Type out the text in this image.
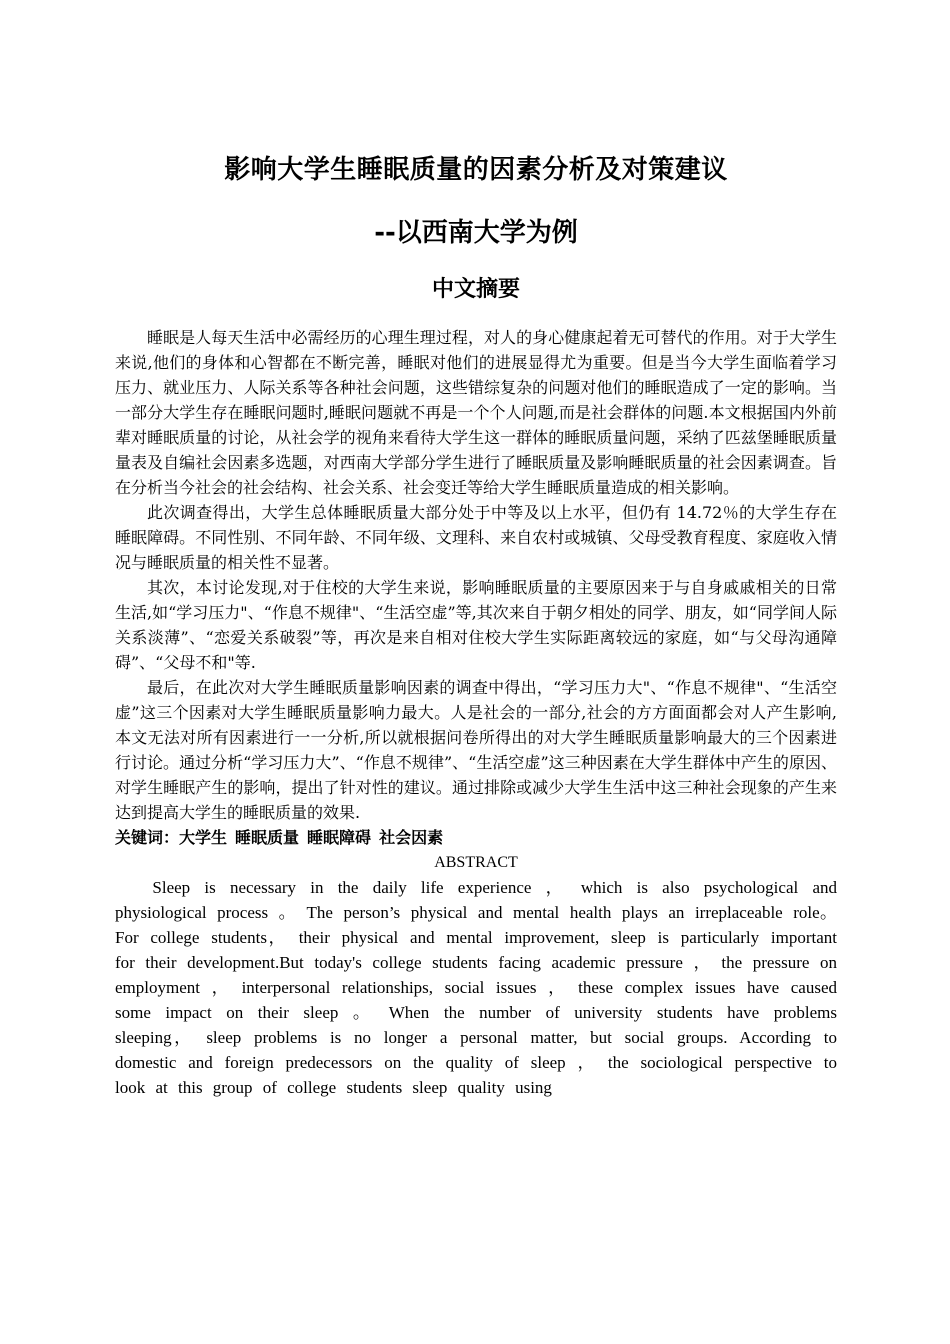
影响大学生睡眠质量的因素分析及对策建议
--以西南大学为例
中文摘要

睡眠是人每天生活中必需经历的心理生理过程，对人的身心健康起着无可替代的作用。对于大学生来说,他们的身体和心智都在不断完善，睡眠对他们的进展显得尤为重要。但是当今大学生面临着学习压力、就业压力、人际关系等各种社会问题，这些错综复杂的问题对他们的睡眠造成了一定的影响。当一部分大学生存在睡眠问题时,睡眠问题就不再是一个个人问题,而是社会群体的问题.本文根据国内外前辈对睡眠质量的讨论，从社会学的视角来看待大学生这一群体的睡眠质量问题，采纳了匹兹堡睡眠质量量表及自编社会因素多选题，对西南大学部分学生进行了睡眠质量及影响睡眠质量的社会因素调查。旨在分析当今社会的社会结构、社会关系、社会变迁等给大学生睡眠质量造成的相关影响。

此次调查得出，大学生总体睡眠质量大部分处于中等及以上水平，但仍有 14.72％的大学生存在睡眠障碍。不同性别、不同年龄、不同年级、文理科、来自农村或城镇、父母受教育程度、家庭收入情况与睡眠质量的相关性不显著。

其次，本讨论发现,对于住校的大学生来说，影响睡眠质量的主要原因来于与自身戚戚相关的日常生活,如“学习压力"、“作息不规律"、“生活空虚”等,其次来自于朝夕相处的同学、朋友，如“同学间人际关系淡薄”、“恋爱关系破裂”等，再次是来自相对住校大学生实际距离较远的家庭，如“与父母沟通障碍”、“父母不和"等.

最后，在此次对大学生睡眠质量影响因素的调查中得出，“学习压力大"、“作息不规律"、“生活空虚”这三个因素对大学生睡眠质量影响力最大。人是社会的一部分,社会的方方面面都会对人产生影响,本文无法对所有因素进行一一分析,所以就根据问卷所得出的对大学生睡眠质量影响最大的三个因素进行讨论。通过分析“学习压力大”、“作息不规律”、“生活空虚”这三种因素在大学生群体中产生的原因、对学生睡眠产生的影响，提出了针对性的建议。通过排除或减少大学生生活中这三种社会现象的产生来达到提高大学生的睡眠质量的效果.

关键词：大学生 睡眠质量 睡眠障碍 社会因素

ABSTRACT

Sleep is necessary in the daily life experience ， which is also psychological and physiological process 。 The person’s physical and mental health plays an irreplaceable role。 For college students， their physical and mental improvement, sleep is particularly important for their development.But today's college students facing academic pressure ， the pressure on employment ， interpersonal relationships, social issues ， these complex issues have caused some impact on their sleep 。 When the number of university students have problems sleeping， sleep problems is no longer a personal matter, but social groups. According to domestic and foreign predecessors on the quality of sleep ， the sociological perspective to look at this group of college students sleep quality using
